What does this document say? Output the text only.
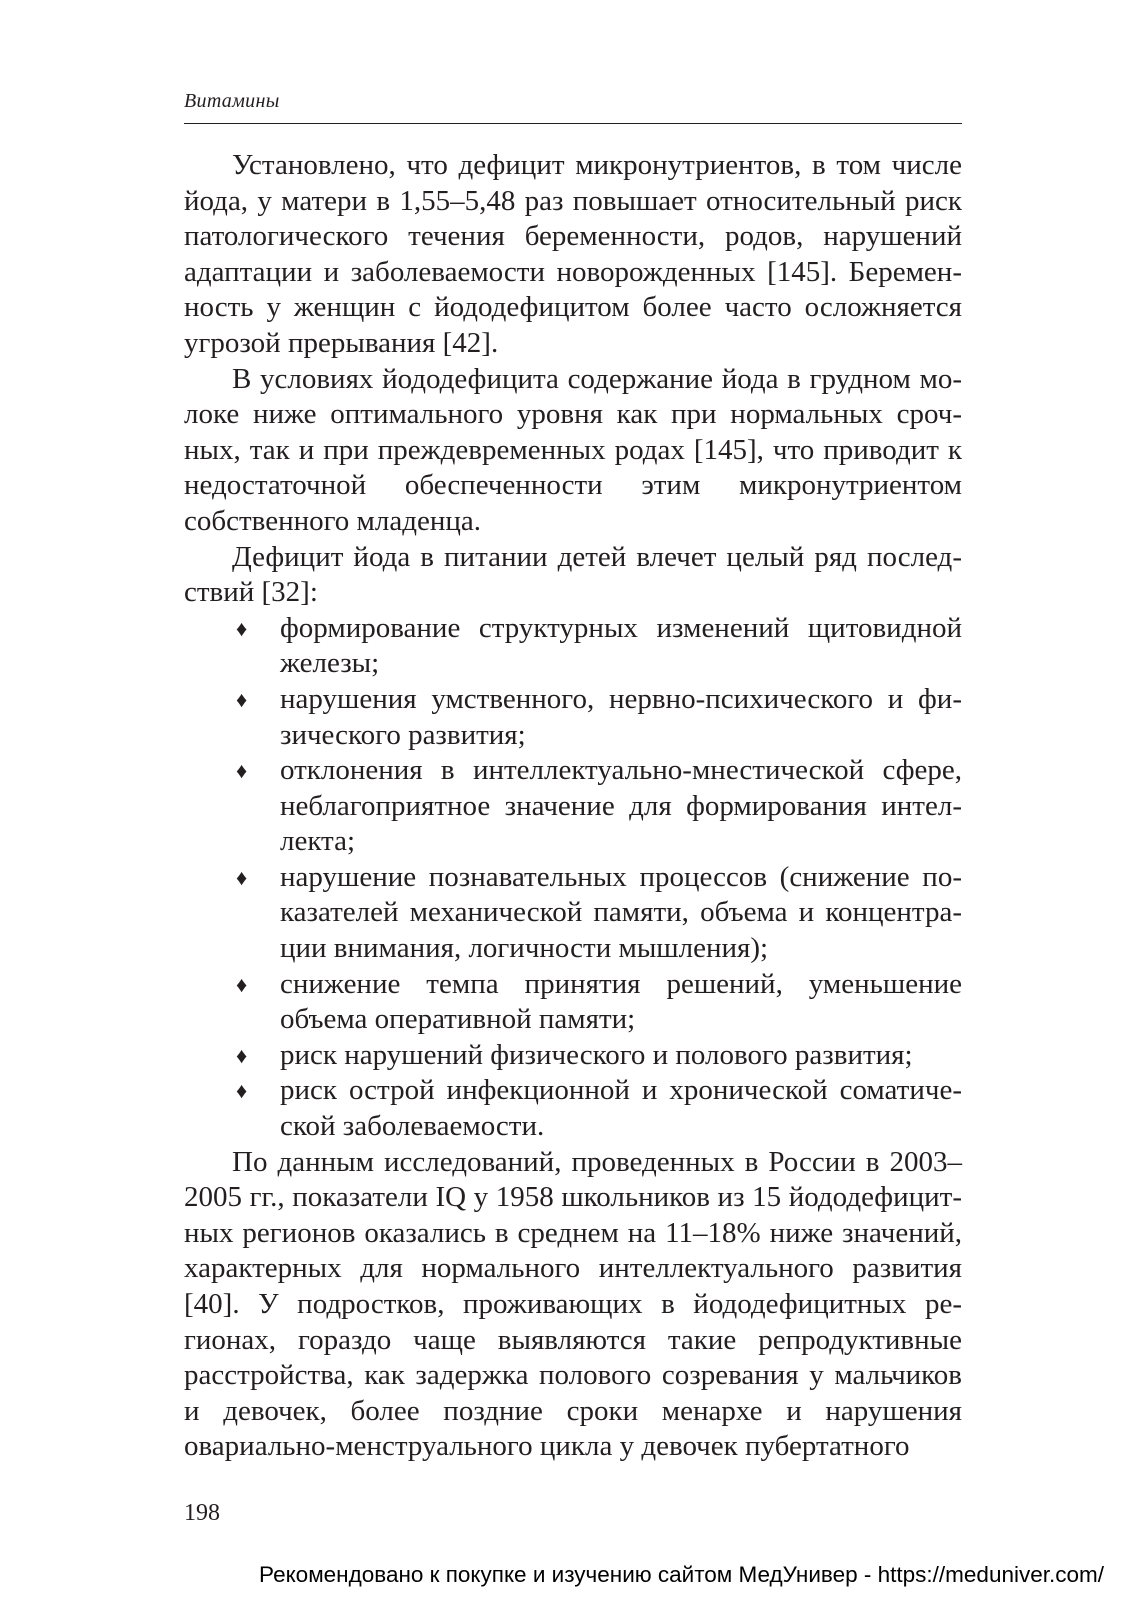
Витамины

Установлено, что дефицит микронутриентов, в том числе йода, у матери в 1,55–5,48 раз повышает относительный риск патологического течения беременности, родов, нарушений адаптации и заболеваемости новорожденных [145]. Беременность у женщин с йододефицитом более часто осложняется угрозой прерывания [42].

В условиях йододефицита содержание йода в грудном молоке ниже оптимального уровня как при нормальных срочных, так и при преждевременных родах [145], что приводит к недостаточной обеспеченности этим микронутриентом собственного младенца.

Дефицит йода в питании детей влечет целый ряд последствий [32]:

♦ формирование структурных изменений щитовидной железы;
♦ нарушения умственного, нервно-психического и физического развития;
♦ отклонения в интеллектуально-мнестической сфере, неблагоприятное значение для формирования интеллекта;
♦ нарушение познавательных процессов (снижение показателей механической памяти, объема и концентрации внимания, логичности мышления);
♦ снижение темпа принятия решений, уменьшение объема оперативной памяти;
♦ риск нарушений физического и полового развития;
♦ риск острой инфекционной и хронической соматической заболеваемости.

По данным исследований, проведенных в России в 2003–2005 гг., показатели IQ у 1958 школьников из 15 йододефицитных регионов оказались в среднем на 11–18% ниже значений, характерных для нормального интеллектуального развития [40]. У подростков, проживающих в йододефицитных регионах, гораздо чаще выявляются такие репродуктивные расстройства, как задержка полового созревания у мальчиков и девочек, более поздние сроки менархе и нарушения овариально-менструального цикла у девочек пубертатного

198
Рекомендовано к покупке и изучению сайтом МедУнивер - https://meduniver.com/
